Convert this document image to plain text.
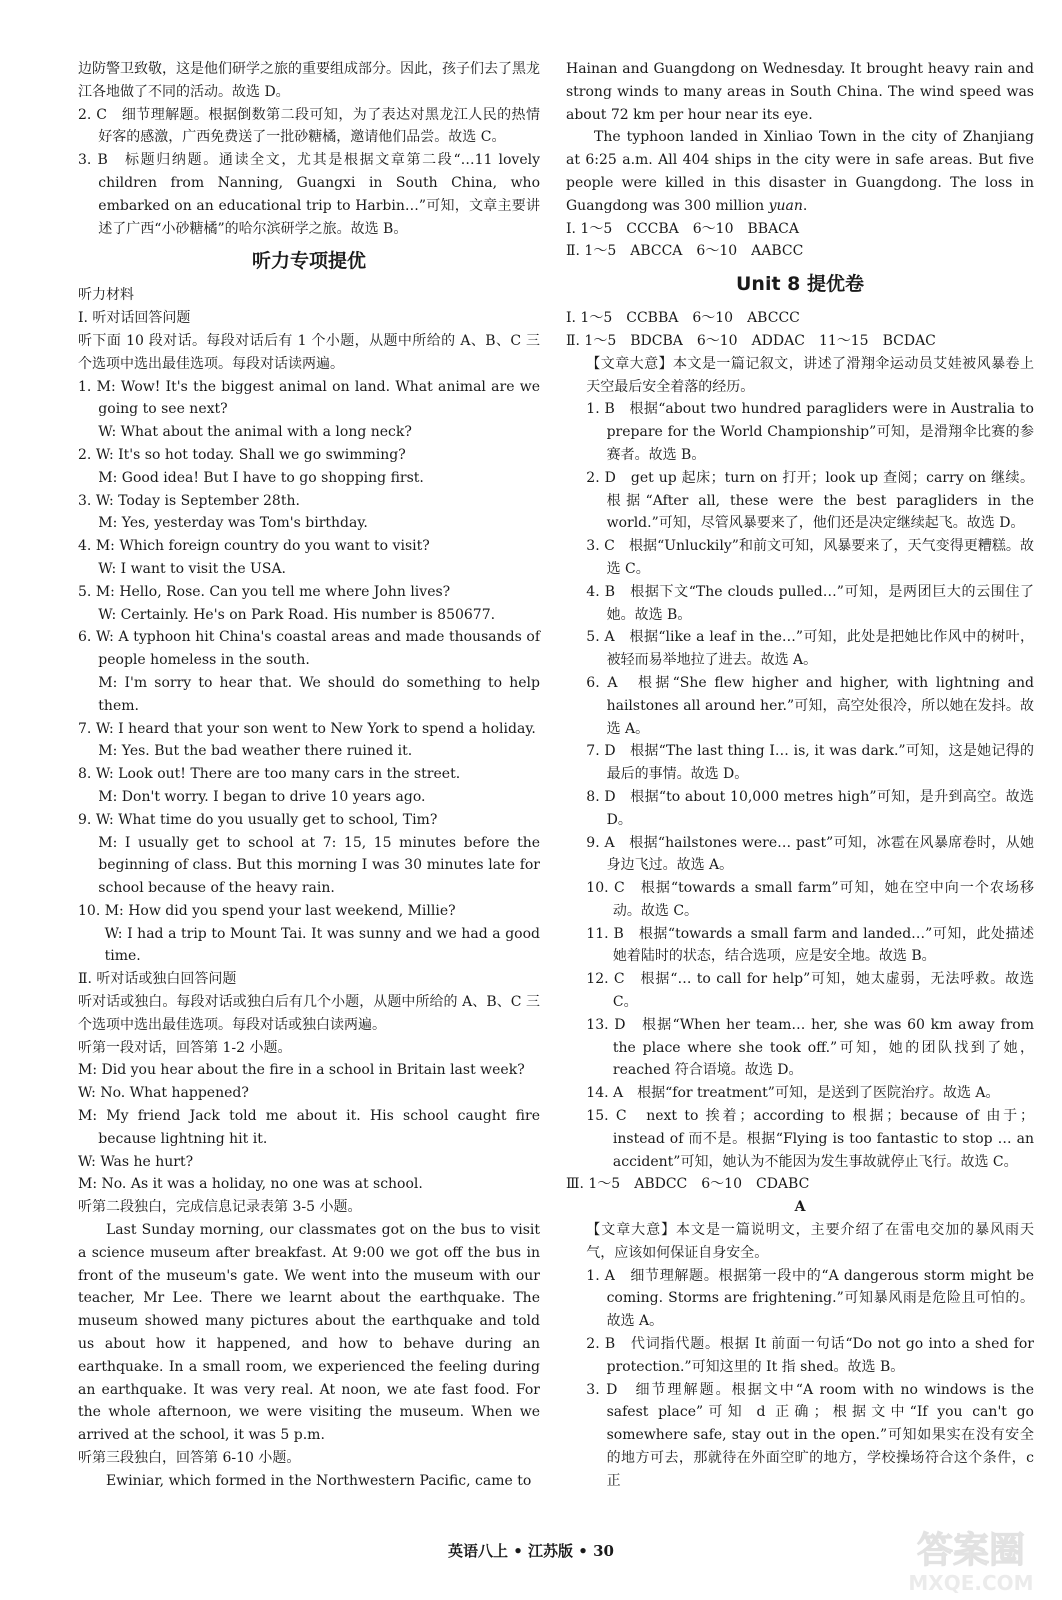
边防警卫致敬，这是他们研学之旅的重要组成部分。因此，孩子们去了黑龙江各地做了不同的活动。故选 D。

2. C　细节理解题。根据倒数第二段可知，为了表达对黑龙江人民的热情好客的感激，广西免费送了一批砂糖橘，邀请他们品尝。故选 C。

3. B　标题归纳题。通读全文，尤其是根据文章第二段“…11 lovely children from Nanning, Guangxi in South China, who embarked on an educational trip to Harbin…”可知，文章主要讲述了广西“小砂糖橘”的哈尔滨研学之旅。故选 B。

听力专项提优

听力材料

Ⅰ. 听对话回答问题

听下面 10 段对话。每段对话后有 1 个小题，从题中所给的 A、B、C 三个选项中选出最佳选项。每段对话读两遍。

1. M: Wow! It's the biggest animal on land. What animal are we going to see next?

W: What about the animal with a long neck?

2. W: It's so hot today. Shall we go swimming?

M: Good idea! But I have to go shopping first.

3. W: Today is September 28th.

M: Yes, yesterday was Tom's birthday.

4. M: Which foreign country do you want to visit?

W: I want to visit the USA.

5. M: Hello, Rose. Can you tell me where John lives?

W: Certainly. He's on Park Road. His number is 850677.

6. W: A typhoon hit China's coastal areas and made thousands of people homeless in the south.

M: I'm sorry to hear that. We should do something to help them.

7. W: I heard that your son went to New York to spend a holiday.

M: Yes. But the bad weather there ruined it.

8. W: Look out! There are too many cars in the street.

M: Don't worry. I began to drive 10 years ago.

9. W: What time do you usually get to school, Tim?

M: I usually get to school at 7: 15, 15 minutes before the beginning of class. But this morning I was 30 minutes late for school because of the heavy rain.

10. M: How did you spend your last weekend, Millie?

W: I had a trip to Mount Tai. It was sunny and we had a good time.

Ⅱ. 听对话或独白回答问题

听对话或独白。每段对话或独白后有几个小题，从题中所给的 A、B、C 三个选项中选出最佳选项。每段对话或独白读两遍。

听第一段对话，回答第 1-2 小题。

M: Did you hear about the fire in a school in Britain last week?

W: No. What happened?

M: My friend Jack told me about it. His school caught fire because lightning hit it.

W: Was he hurt?

M: No. As it was a holiday, no one was at school.

听第二段独白，完成信息记录表第 3-5 小题。

Last Sunday morning, our classmates got on the bus to visit a science museum after breakfast. At 9:00 we got off the bus in front of the museum's gate. We went into the museum with our teacher, Mr Lee. There we learnt about the earthquake. The museum showed many pictures about the earthquake and told us about how it happened, and how to behave during an earthquake. In a small room, we experienced the feeling during an earthquake. It was very real. At noon, we ate fast food. For the whole afternoon, we were visiting the museum. When we arrived at the school, it was 5 p.m.

听第三段独白，回答第 6-10 小题。

Ewiniar, which formed in the Northwestern Pacific, came to

Hainan and Guangdong on Wednesday. It brought heavy rain and strong winds to many areas in South China. The wind speed was about 72 km per hour near its eye.

The typhoon landed in Xinliao Town in the city of Zhanjiang at 6:25 a.m. All 404 ships in the city were in safe areas. But five people were killed in this disaster in Guangdong. The loss in Guangdong was 300 million yuan.

Ⅰ. 1～5　CCCBA　6～10　BBACA

Ⅱ. 1～5　ABCCA　6～10　AABCC

Unit 8 提优卷

Ⅰ. 1～5　CCBBA　6～10　ABCCC

Ⅱ. 1～5　BDCBA　6～10　ADDAC　11～15　BCDAC

【文章大意】本文是一篇记叙文，讲述了滑翔伞运动员艾娃被风暴卷上天空最后安全着落的经历。

1. B　根据“about two hundred paragliders were in Australia to prepare for the World Championship”可知，是滑翔伞比赛的参赛者。故选 B。

2. D　get up 起床；turn on 打开；look up 查阅；carry on 继续。根据“After all, these were the best paragliders in the world.”可知，尽管风暴要来了，他们还是决定继续起飞。故选 D。

3. C　根据“Unluckily”和前文可知，风暴要来了，天气变得更糟糕。故选 C。

4. B　根据下文“The clouds pulled…”可知，是两团巨大的云围住了她。故选 B。

5. A　根据“like a leaf in the…”可知，此处是把她比作风中的树叶，被轻而易举地拉了进去。故选 A。

6. A　根据“She flew higher and higher, with lightning and hailstones all around her.”可知，高空处很冷，所以她在发抖。故选 A。

7. D　根据“The last thing I… is, it was dark.”可知，这是她记得的最后的事情。故选 D。

8. D　根据“to about 10,000 metres high”可知，是升到高空。故选 D。

9. A　根据“hailstones were… past”可知，冰雹在风暴席卷时，从她身边飞过。故选 A。

10. C　根据“towards a small farm”可知，她在空中向一个农场移动。故选 C。

11. B　根据“towards a small farm and landed…”可知，此处描述她着陆时的状态，结合选项，应是安全地。故选 B。

12. C　根据“… to call for help”可知，她太虚弱，无法呼救。故选 C。

13. D　根据“When her team… her, she was 60 km away from the place where she took off.”可知，她的团队找到了她，reached 符合语境。故选 D。

14. A　根据“for treatment”可知，是送到了医院治疗。故选 A。

15. C　next to 挨着；according to 根据；because of 由于；instead of 而不是。根据“Flying is too fantastic to stop … an accident”可知，她认为不能因为发生事故就停止飞行。故选 C。

Ⅲ. 1～5　ABDCC　6～10　CDABC

A

【文章大意】本文是一篇说明文，主要介绍了在雷电交加的暴风雨天气，应该如何保证自身安全。

1. A　细节理解题。根据第一段中的“A dangerous storm might be coming. Storms are frightening.”可知暴风雨是危险且可怕的。故选 A。

2. B　代词指代题。根据 It 前面一句话“Do not go into a shed for protection.”可知这里的 It 指 shed。故选 B。

3. D　细节理解题。根据文中“A room with no windows is the safest place”可知 d 正确；根据文中“If you can't go somewhere safe, stay out in the open.”可知如果实在没有安全的地方可去，那就待在外面空旷的地方，学校操场符合这个条件，c 正

英语八上 • 江苏版 • 30	答案圈
MXQE.COM
